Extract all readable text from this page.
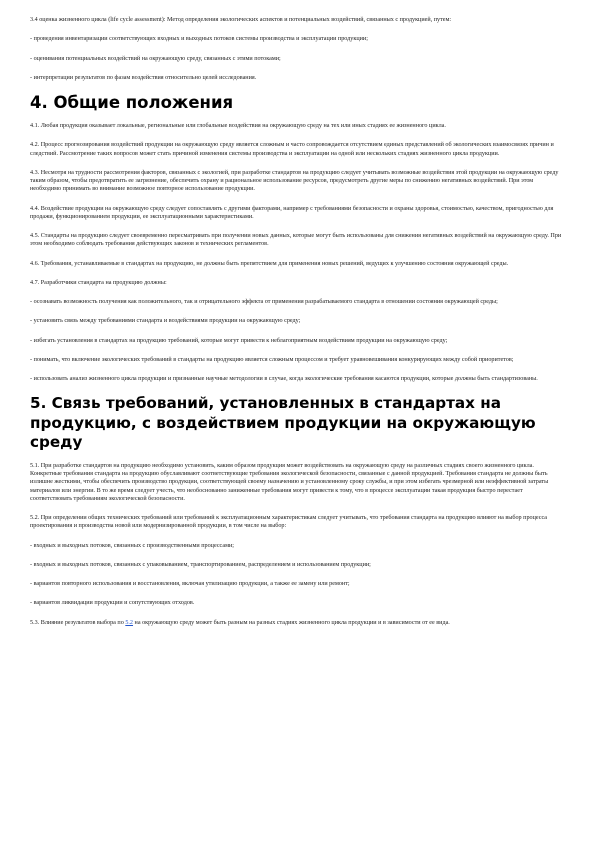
3.4 оценка жизненного цикла (life cycle assessment): Метод определения экологических аспектов и потенциальных воздействий, связанных с продукцией, путем:

- проведения инвентаризации соответствующих входных и выходных потоков системы производства и эксплуатации продукции;

- оценивания потенциальных воздействий на окружающую среду, связанных с этими потоками;

- интерпретации результатов по фазам воздействия относительно целей исследования.

4. Общие положения

4.1. Любая продукция оказывает локальные, региональные или глобальные воздействия на окружающую среду на тех или иных стадиях ее жизненного цикла.

4.2. Процесс прогнозирования воздействий продукции на окружающую среду является сложным и часто сопровождается отсутствием единых представлений об экологических взаимосвязях причин и следствий. Рассмотрение таких вопросов может стать причиной изменения системы производства и эксплуатации на одной или нескольких стадиях жизненного цикла продукции.

4.3. Несмотря на трудности рассмотрения факторов, связанных с экологией, при разработке стандартов на продукцию следует учитывать возможные воздействия этой продукции на окружающую среду таким образом, чтобы предотвратить ее загрязнение, обеспечить охрану и рациональное использование ресурсов, предусмотреть другие меры по снижению негативных воздействий. При этом необходимо принимать во внимание возможное повторное использование продукции.

4.4. Воздействие продукции на окружающую среду следует сопоставлять с другими факторами, например с требованиями безопасности и охраны здоровья, стоимостью, качеством, пригодностью для продажи, функционированием продукции, ее эксплуатационными характеристиками.

4.5. Стандарты на продукцию следует своевременно пересматривать при получении новых данных, которые могут быть использованы для снижения негативных воздействий на окружающую среду. При этом необходимо соблюдать требования действующих законов и технических регламентов.

4.6. Требования, устанавливаемые в стандартах на продукцию, не должны быть препятствием для применения новых решений, ведущих к улучшению состояния окружающей среды.

4.7. Разработчики стандарта на продукцию должны:

- осознавать возможность получения как положительного, так и отрицательного эффекта от применения разрабатываемого стандарта в отношении состояния окружающей среды;

- установить связь между требованиями стандарта и воздействиями продукции на окружающую среду;

- избегать установления в стандартах на продукцию требований, которые могут привести к неблагоприятным воздействиям продукции на окружающую среду;

- понимать, что включение экологических требований в стандарты на продукцию является сложным процессом и требует уравновешивания конкурирующих между собой приоритетов;

- использовать анализ жизненного цикла продукции и признанные научные методологии в случае, когда экологические требования касаются продукции, которые должны быть стандартизованы.

5. Связь требований, установленных в стандартах на продукцию, с воздействием продукции на окружающую среду

5.1. При разработке стандартов на продукцию необходимо установить, каким образом продукция может воздействовать на окружающую среду на различных стадиях своего жизненного цикла. Конкретные требования стандарта на продукцию обуславливают соответствующие требования экологической безопасности, связанные с данной продукцией. Требования стандарта не должны быть излишне жесткими, чтобы обеспечить производство продукции, соответствующей своему назначению и установленному сроку службы, и при этом избегать чрезмерной или неэффективной затраты материалов или энергии. В то же время следует учесть, что необоснованно заниженные требования могут привести к тому, что в процессе эксплуатации такая продукция быстро перестает соответствовать требованиям экологической безопасности.

5.2. При определении общих технических требований или требований к эксплуатационным характеристикам следует учитывать, что требования стандарта на продукцию влияют на выбор процесса проектирования и производства новой или модернизированной продукции, в том числе на выбор:

- входных и выходных потоков, связанных с производственными процессами;

- входных и выходных потоков, связанных с упаковыванием, транспортированием, распределением и использованием продукции;

- вариантов повторного использования и восстановления, включая утилизацию продукции, а также ее замену или ремонт;

- вариантов ликвидации продукции и сопутствующих отходов.

5.3. Влияние результатов выбора по 5.2 на окружающую среду может быть разным на разных стадиях жизненного цикла продукции и в зависимости от ее вида.
